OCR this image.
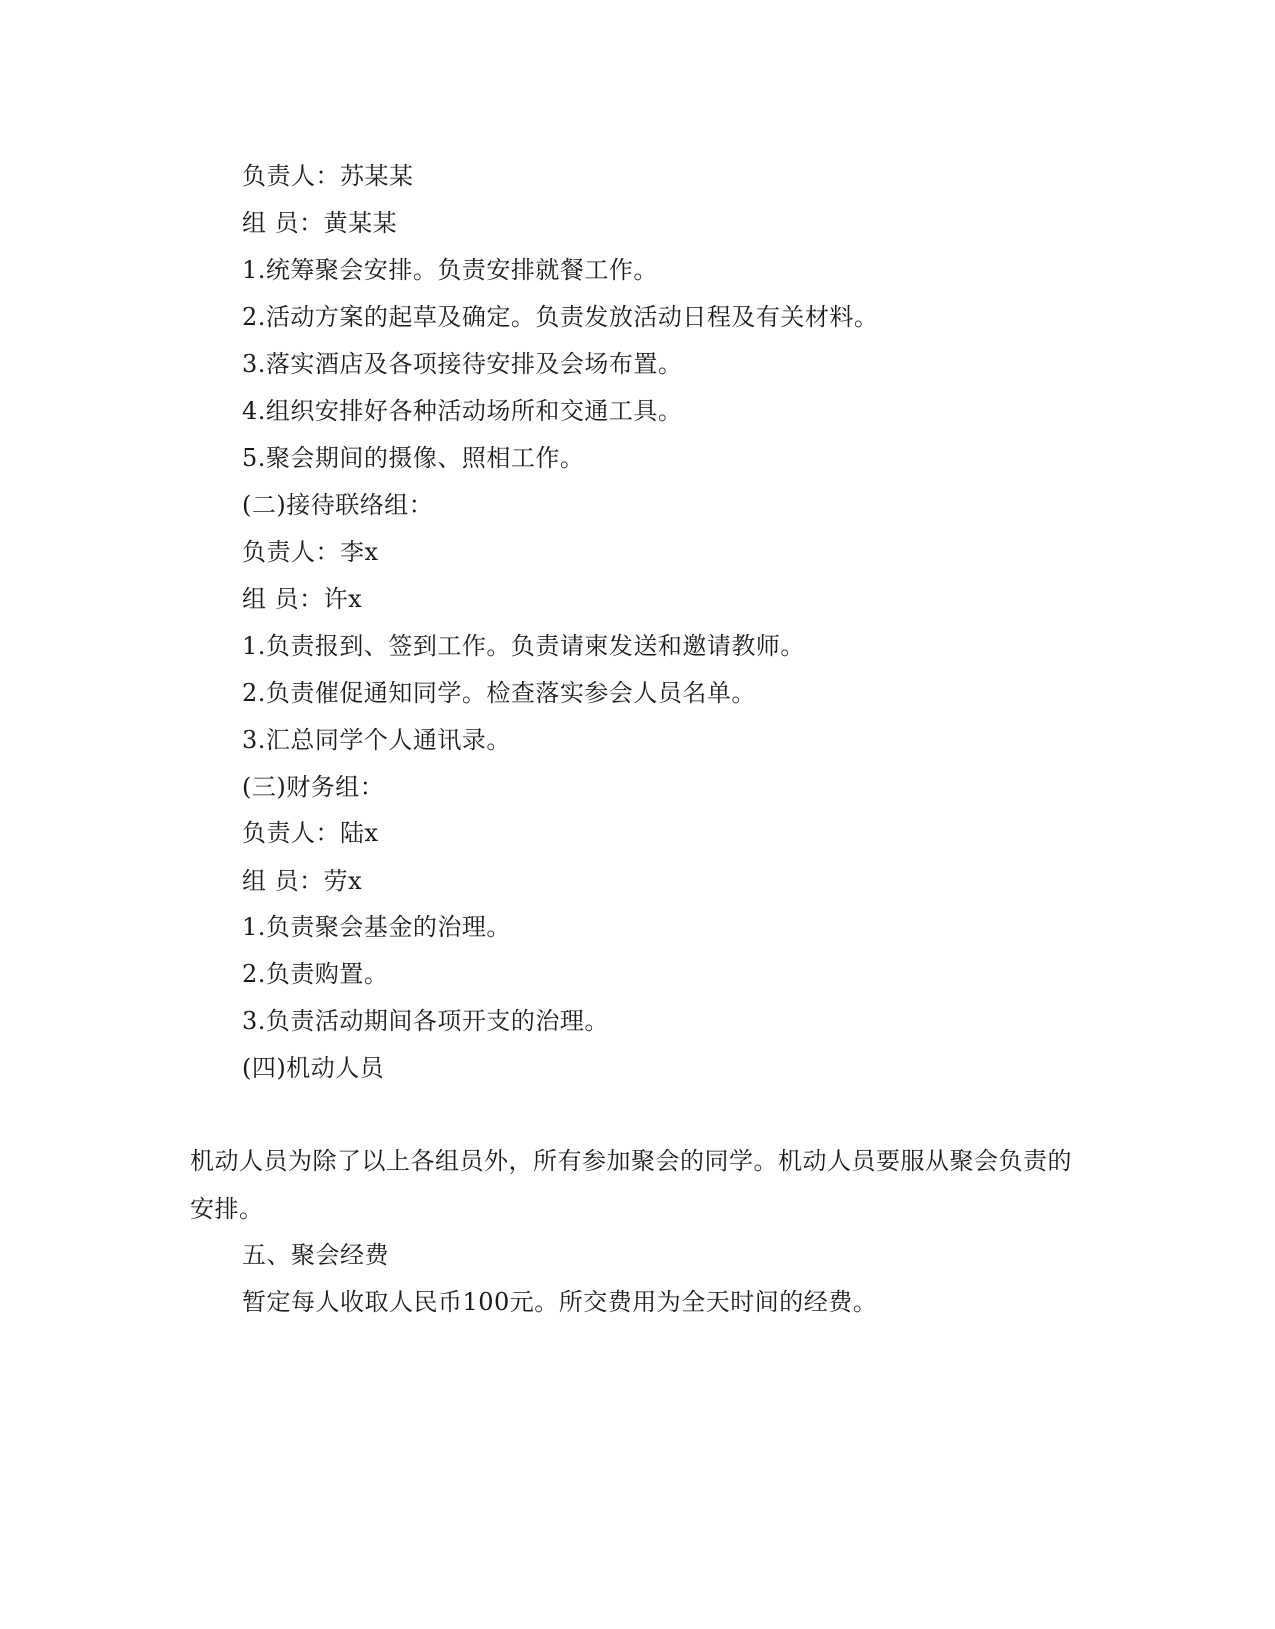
负责人：苏某某
组 员：黄某某
1.统筹聚会安排。负责安排就餐工作。
2.活动方案的起草及确定。负责发放活动日程及有关材料。
3.落实酒店及各项接待安排及会场布置。
4.组织安排好各种活动场所和交通工具。
5.聚会期间的摄像、照相工作。
(二)接待联络组：
负责人：李x
组 员：许x
1.负责报到、签到工作。负责请柬发送和邀请教师。
2.负责催促通知同学。检查落实参会人员名单。
3.汇总同学个人通讯录。
(三)财务组：
负责人：陆x
组 员：劳x
1.负责聚会基金的治理。
2.负责购置。
3.负责活动期间各项开支的治理。
(四)机动人员
机动人员为除了以上各组员外，所有参加聚会的同学。机动人员要服从聚会负责的安排。
五、聚会经费
暂定每人收取人民币100元。所交费用为全天时间的经费。
